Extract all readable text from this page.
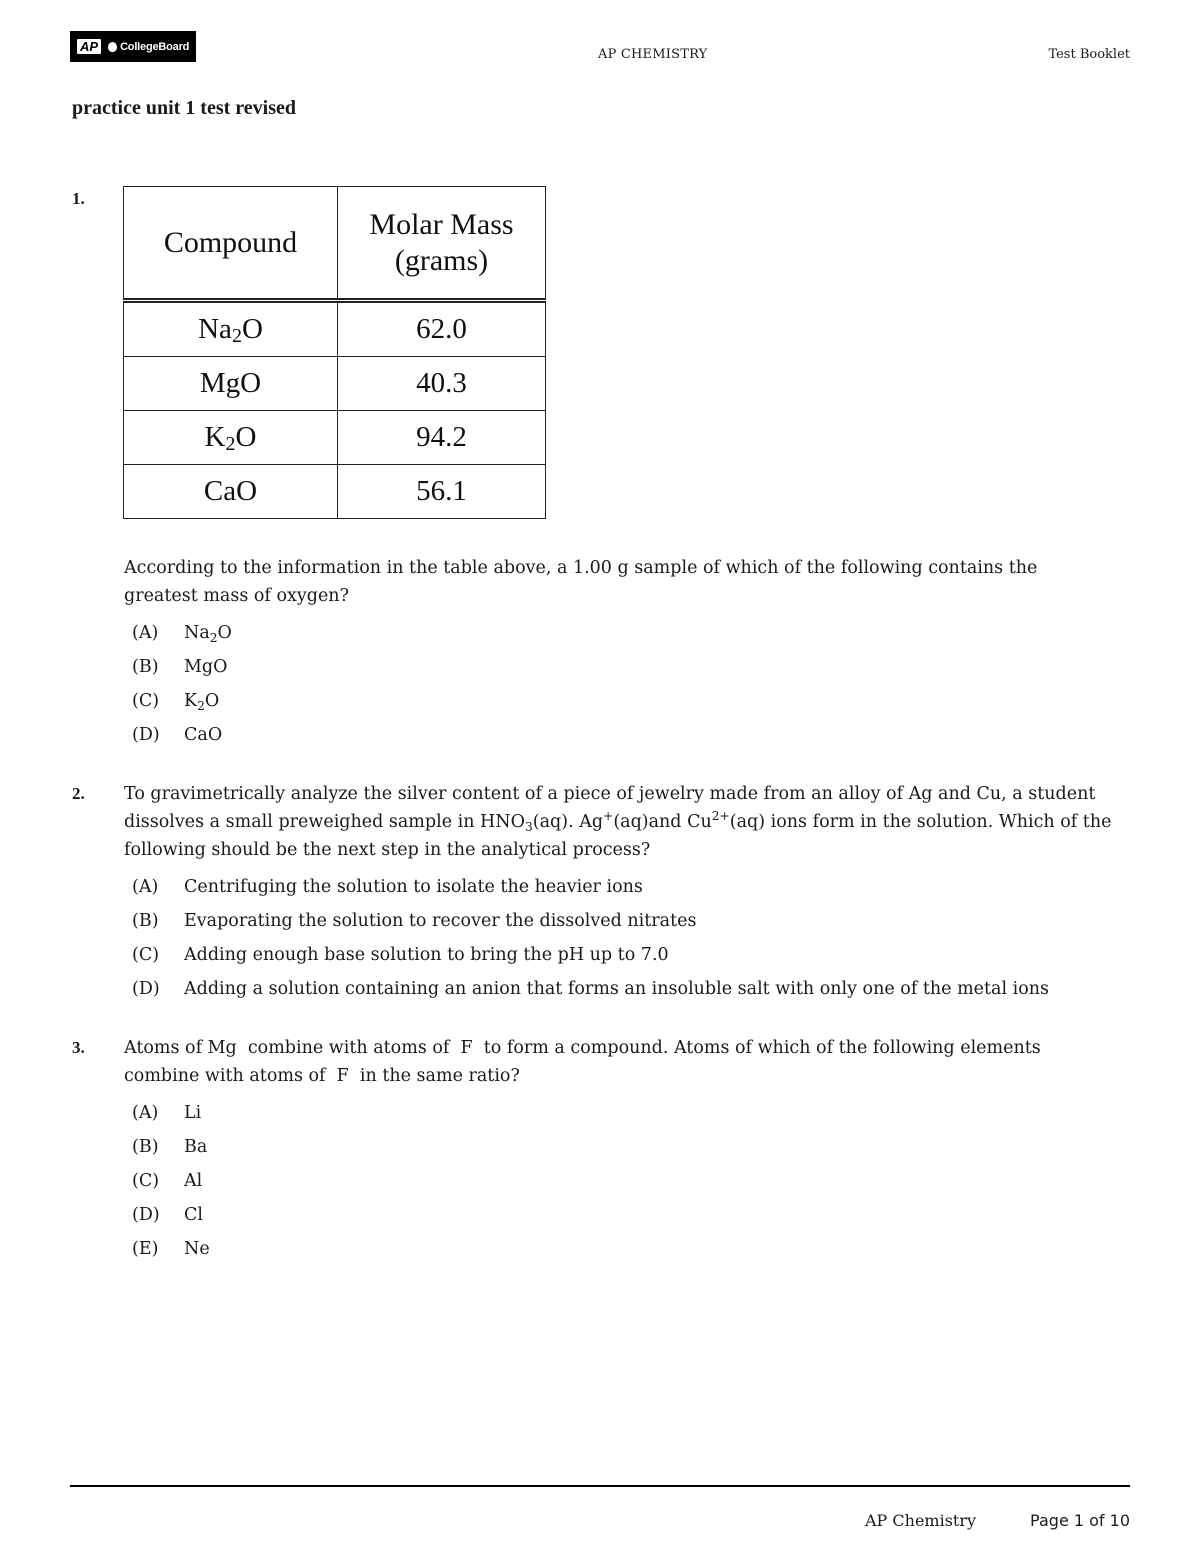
AP CollegeBoard
AP CHEMISTRY	Test Booklet
practice unit 1 test revised
1.
Compound	Molar Mass
(grams)
$Na_2O$	62.0
MgO	40.3
$K_2O$	94.2
CaO	56.1
According to the information in the table above, a 1.00 g sample of which of the following contains the greatest mass of oxygen?
(A)	$Na_2O$
(B)	MgO
(C)	$K_2O$
(D)	CaO
2. To gravimetrically analyze the silver content of a piece of jewelry made from an alloy of Ag and Cu, a student dissolves a small preweighed sample in $HNO_3(aq)$. Ag+(aq)and $Cu^{2+}(aq)$ ions form in the solution. Which of the following should be the next step in the analytical process?
(A)	Centrifuging the solution to isolate the heavier ions
(B)	Evaporating the solution to recover the dissolved nitrates
(C)	Adding enough base solution to bring the pH up to 7.0
(D)	Adding a solution containing an anion that forms an insoluble salt with only one of the metal ions
3. Atoms of Mg  combine with atoms of  F  to form a compound. Atoms of which of the following elements combine with atoms of  F  in the same ratio?
(A)	Li
(B)	Ba
(C)	Al
(D)	Cl
(E)	Ne
AP Chemistry	Page 1 of 10
